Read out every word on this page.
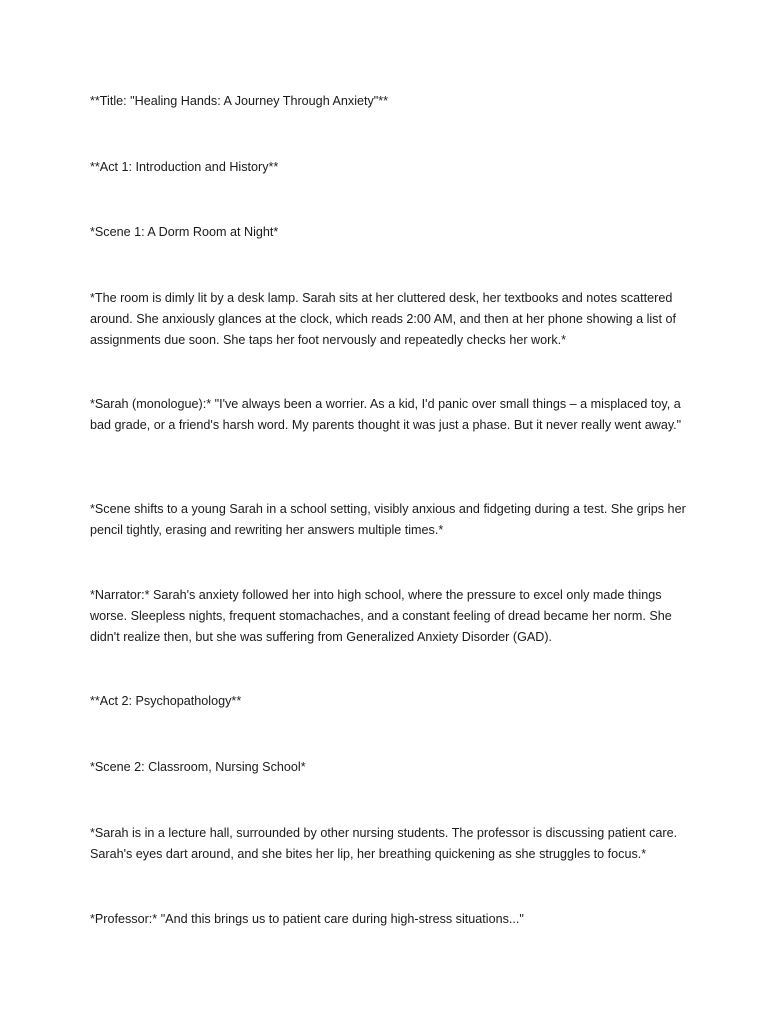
**Title: "Healing Hands: A Journey Through Anxiety"**

**Act 1: Introduction and History**

*Scene 1: A Dorm Room at Night*

*The room is dimly lit by a desk lamp. Sarah sits at her cluttered desk, her textbooks and notes scattered around. She anxiously glances at the clock, which reads 2:00 AM, and then at her phone showing a list of assignments due soon. She taps her foot nervously and repeatedly checks her work.*

*Sarah (monologue):* "I've always been a worrier. As a kid, I'd panic over small things – a misplaced toy, a bad grade, or a friend's harsh word. My parents thought it was just a phase. But it never really went away."

*Scene shifts to a young Sarah in a school setting, visibly anxious and fidgeting during a test. She grips her pencil tightly, erasing and rewriting her answers multiple times.*

*Narrator:* Sarah's anxiety followed her into high school, where the pressure to excel only made things worse. Sleepless nights, frequent stomachaches, and a constant feeling of dread became her norm. She didn't realize then, but she was suffering from Generalized Anxiety Disorder (GAD).

**Act 2: Psychopathology**

*Scene 2: Classroom, Nursing School*

*Sarah is in a lecture hall, surrounded by other nursing students. The professor is discussing patient care. Sarah's eyes dart around, and she bites her lip, her breathing quickening as she struggles to focus.*

*Professor:* "And this brings us to patient care during high-stress situations..."
